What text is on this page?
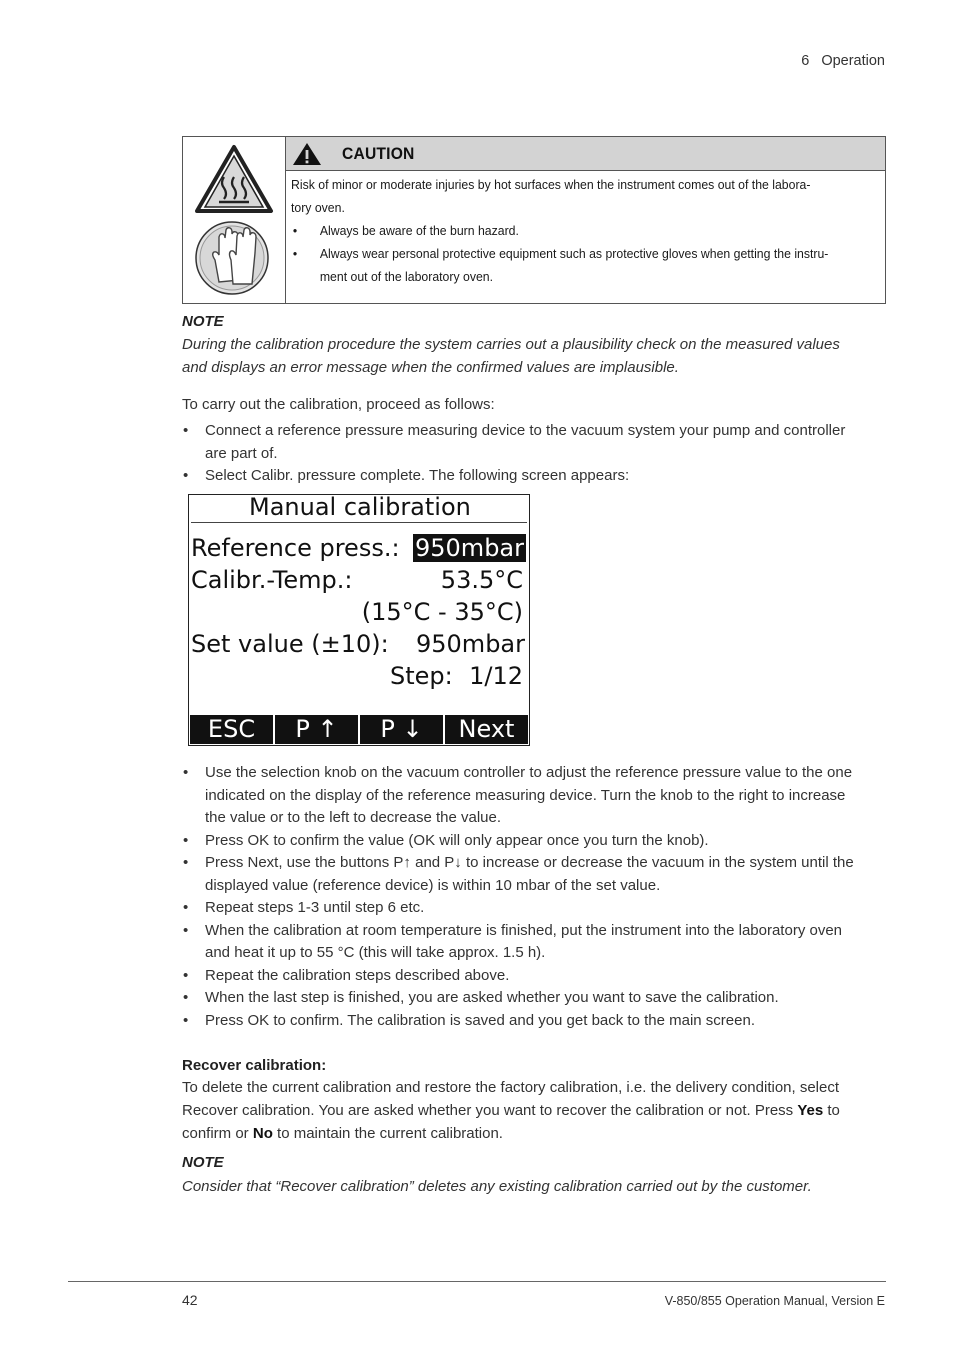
6 Operation
CAUTION
Risk of minor or moderate injuries by hot surfaces when the instrument comes out of the labora-
tory oven.
• Always be aware of the burn hazard.
• Always wear personal protective equipment such as protective gloves when getting the instru-
ment out of the laboratory oven.
NOTE
During the calibration procedure the system carries out a plausibility check on the measured values
and displays an error message when the confirmed values are implausible.
To carry out the calibration, proceed as follows:
• Connect a reference pressure measuring device to the vacuum system your pump and controller
are part of.
• Select Calibr. pressure complete. The following screen appears:
Manual calibration
Reference press.: 950mbar
Calibr.-Temp.:	53.5°C
(15°C - 35°C)
Set value (±10): 950mbar
Step: 1/12
ESC	P ↑	P ↓	Next
• Use the selection knob on the vacuum controller to adjust the reference pressure value to the one
indicated on the display of the reference measuring device. Turn the knob to the right to increase
the value or to the left to decrease the value.
• Press OK to confirm the value (OK will only appear once you turn the knob).
• Press Next, use the buttons P↑ and P↓ to increase or decrease the vacuum in the system until the
displayed value (reference device) is within 10 mbar of the set value.
• Repeat steps 1-3 until step 6 etc.
• When the calibration at room temperature is finished, put the instrument into the laboratory oven
and heat it up to 55 °C (this will take approx. 1.5 h).
• Repeat the calibration steps described above.
• When the last step is finished, you are asked whether you want to save the calibration.
• Press OK to confirm. The calibration is saved and you get back to the main screen.
Recover calibration:
To delete the current calibration and restore the factory calibration, i.e. the delivery condition, select
Recover calibration. You are asked whether you want to recover the calibration or not. Press Yes to
confirm or No to maintain the current calibration.
NOTE
Consider that “Recover calibration” deletes any existing calibration carried out by the customer.
42	V-850/855 Operation Manual, Version E
